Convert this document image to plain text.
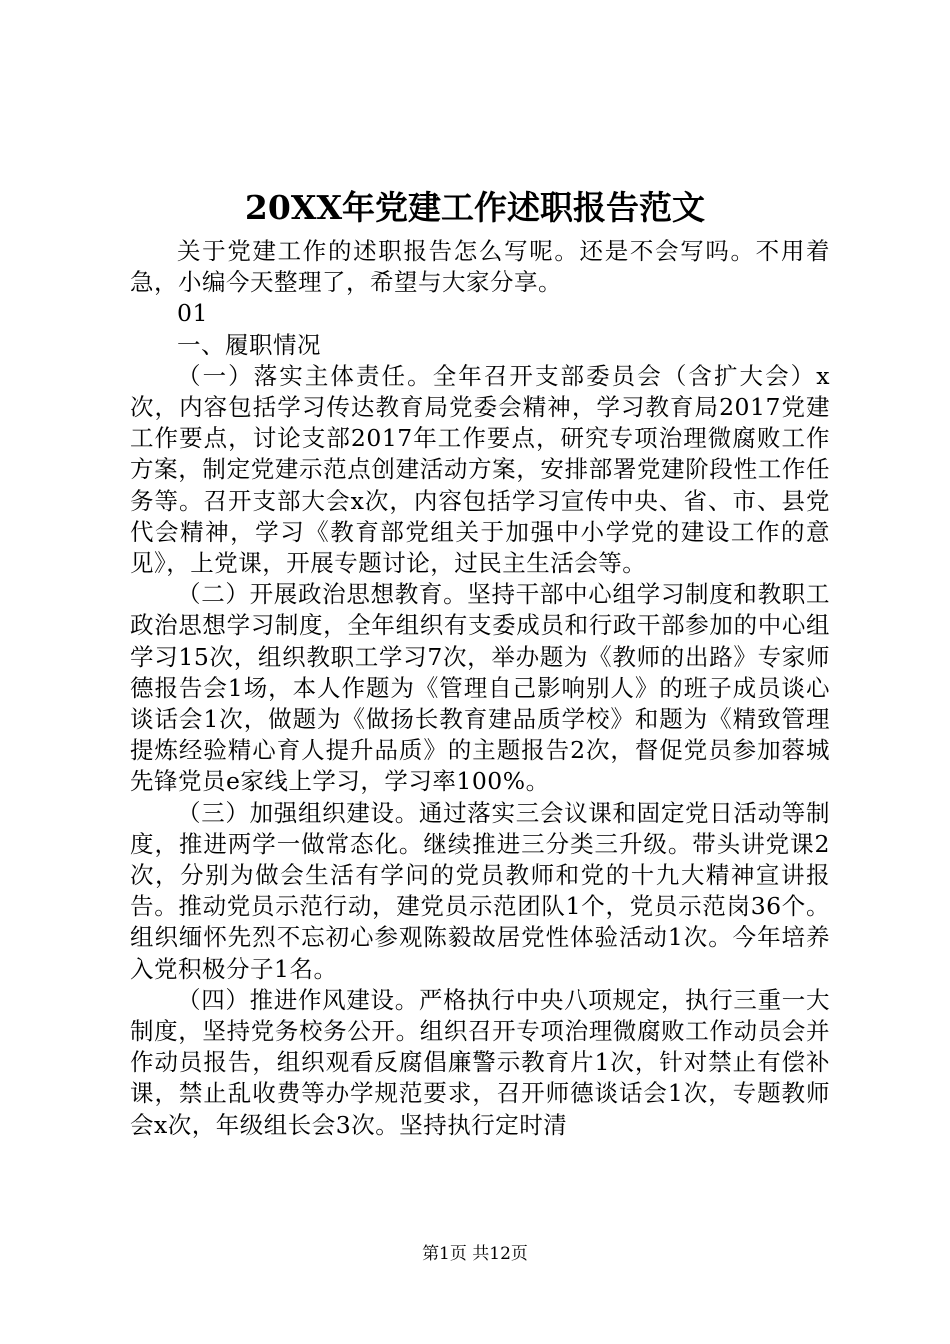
20XX年党建工作述职报告范文

关于党建工作的述职报告怎么写呢。还是不会写吗。不用着急，小编今天整理了，希望与大家分享。

01

一、履职情况

（一）落实主体责任。全年召开支部委员会（含扩大会）x次，内容包括学习传达教育局党委会精神，学习教育局2017党建工作要点，讨论支部2017年工作要点，研究专项治理微腐败工作方案，制定党建示范点创建活动方案，安排部署党建阶段性工作任务等。召开支部大会x次，内容包括学习宣传中央、省、市、县党代会精神，学习《教育部党组关于加强中小学党的建设工作的意见》，上党课，开展专题讨论，过民主生活会等。

（二）开展政治思想教育。坚持干部中心组学习制度和教职工政治思想学习制度，全年组织有支委成员和行政干部参加的中心组学习15次，组织教职工学习7次，举办题为《教师的出路》专家师德报告会1场，本人作题为《管理自己影响别人》的班子成员谈心谈话会1次，做题为《做扬长教育建品质学校》和题为《精致管理提炼经验精心育人提升品质》的主题报告2次，督促党员参加蓉城先锋党员e家线上学习，学习率100%。

（三）加强组织建设。通过落实三会议课和固定党日活动等制度，推进两学一做常态化。继续推进三分类三升级。带头讲党课2次，分别为做会生活有学问的党员教师和党的十九大精神宣讲报告。推动党员示范行动，建党员示范团队1个，党员示范岗36个。组织缅怀先烈不忘初心参观陈毅故居党性体验活动1次。今年培养入党积极分子1名。

（四）推进作风建设。严格执行中央八项规定，执行三重一大制度，坚持党务校务公开。组织召开专项治理微腐败工作动员会并作动员报告，组织观看反腐倡廉警示教育片1次，针对禁止有偿补课，禁止乱收费等办学规范要求，召开师德谈话会1次，专题教师会x次，年级组长会3次。坚持执行定时清

第1页 共12页
